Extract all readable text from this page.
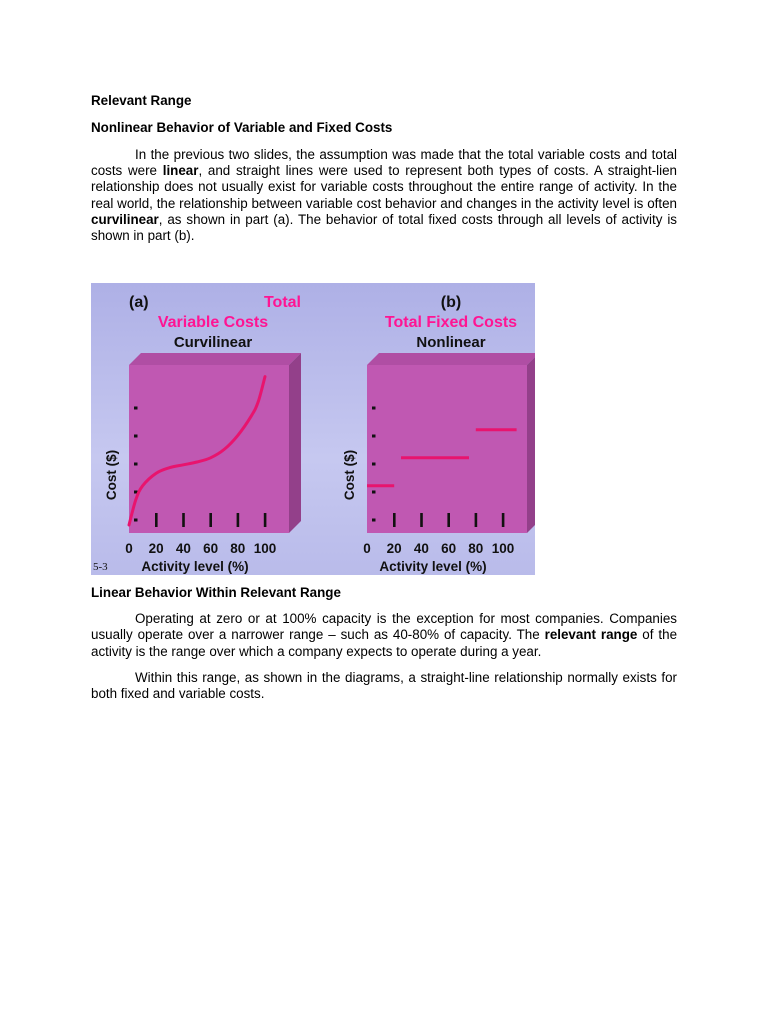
Relevant Range
Nonlinear Behavior of Variable and Fixed Costs

In the previous two slides, the assumption was made that the total variable costs and total costs were linear, and straight lines were used to represent both types of costs. A straight-lien relationship does not usually exist for variable costs throughout the entire range of activity. In the real world, the relationship between variable cost behavior and changes in the activity level is often curvilinear, as shown in part (a). The behavior of total fixed costs through all levels of activity is shown in part (b).

(a)	Total
Variable Costs
Curvilinear
0 20 40 60 80 100
Cost ($)
Activity level (%)
(b)
Total Fixed Costs
Nonlinear
0 20 40 60 80 100
Cost ($)
Activity level (%)
5-3
Linear Behavior Within Relevant Range

Operating at zero or at 100% capacity is the exception for most companies. Companies usually operate over a narrower range – such as 40-80% of capacity. The relevant range of the activity is the range over which a company expects to operate during a year.

Within this range, as shown in the diagrams, a straight-line relationship normally exists for both fixed and variable costs.
